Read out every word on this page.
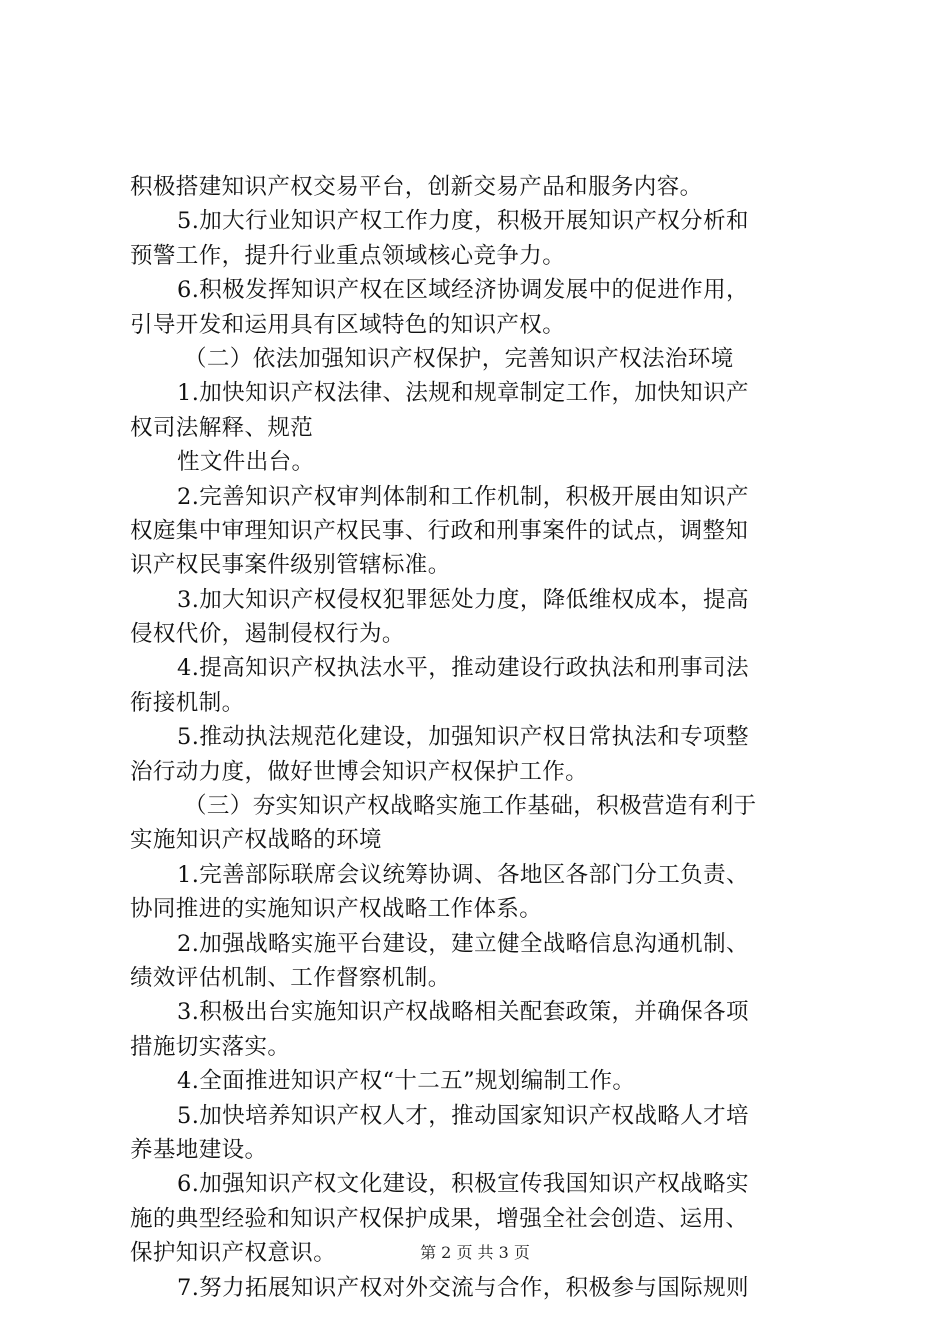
积极搭建知识产权交易平台，创新交易产品和服务内容。
5.加大行业知识产权工作力度，积极开展知识产权分析和
预警工作，提升行业重点领域核心竞争力。
6.积极发挥知识产权在区域经济协调发展中的促进作用，
引导开发和运用具有区域特色的知识产权。
（二）依法加强知识产权保护，完善知识产权法治环境
1.加快知识产权法律、法规和规章制定工作，加快知识产
权司法解释、规范
性文件出台。
2.完善知识产权审判体制和工作机制，积极开展由知识产
权庭集中审理知识产权民事、行政和刑事案件的试点，调整知
识产权民事案件级别管辖标准。
3.加大知识产权侵权犯罪惩处力度，降低维权成本，提高
侵权代价，遏制侵权行为。
4.提高知识产权执法水平，推动建设行政执法和刑事司法
衔接机制。
5.推动执法规范化建设，加强知识产权日常执法和专项整
治行动力度，做好世博会知识产权保护工作。
（三）夯实知识产权战略实施工作基础，积极营造有利于
实施知识产权战略的环境
1.完善部际联席会议统筹协调、各地区各部门分工负责、
协同推进的实施知识产权战略工作体系。
2.加强战略实施平台建设，建立健全战略信息沟通机制、
绩效评估机制、工作督察机制。
3.积极出台实施知识产权战略相关配套政策，并确保各项
措施切实落实。
4.全面推进知识产权“十二五”规划编制工作。
5.加快培养知识产权人才，推动国家知识产权战略人才培
养基地建设。
6.加强知识产权文化建设，积极宣传我国知识产权战略实
施的典型经验和知识产权保护成果，增强全社会创造、运用、
保护知识产权意识。
7.努力拓展知识产权对外交流与合作，积极参与国际规则
第 2 页 共 3 页
